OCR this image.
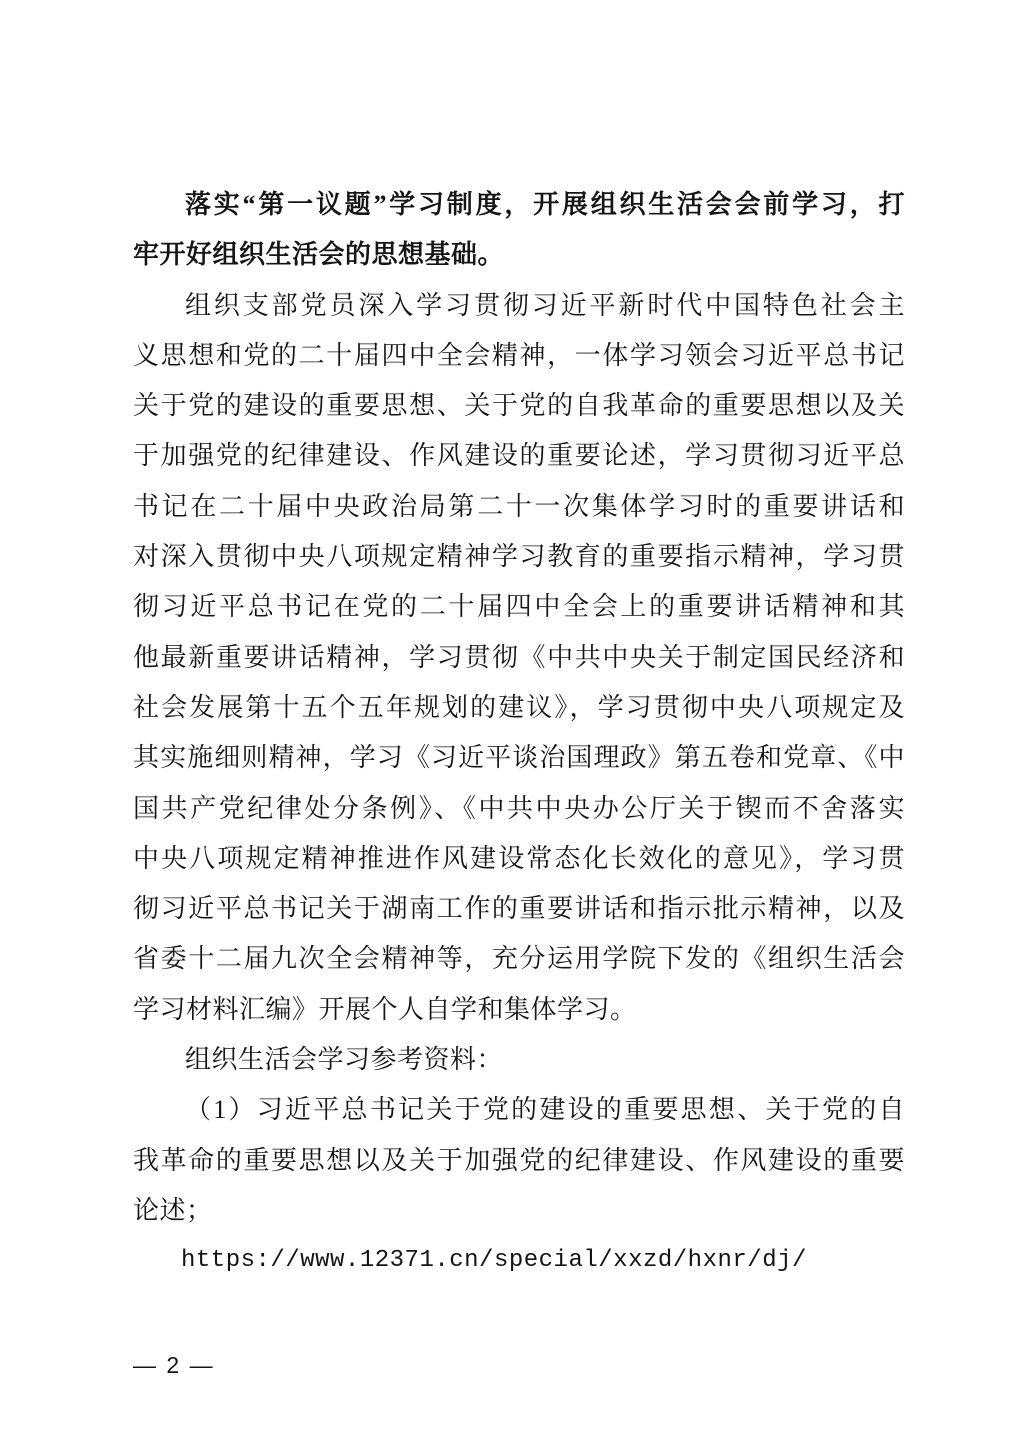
落实“第一议题”学习制度，开展组织生活会会前学习，打
牢开好组织生活会的思想基础。
组织支部党员深入学习贯彻习近平新时代中国特色社会主
义思想和党的二十届四中全会精神，一体学习领会习近平总书记
关于党的建设的重要思想、关于党的自我革命的重要思想以及关
于加强党的纪律建设、作风建设的重要论述，学习贯彻习近平总
书记在二十届中央政治局第二十一次集体学习时的重要讲话和
对深入贯彻中央八项规定精神学习教育的重要指示精神，学习贯
彻习近平总书记在党的二十届四中全会上的重要讲话精神和其
他最新重要讲话精神，学习贯彻《中共中央关于制定国民经济和
社会发展第十五个五年规划的建议》，学习贯彻中央八项规定及
其实施细则精神，学习《习近平谈治国理政》第五卷和党章、《中
国共产党纪律处分条例》、《中共中央办公厅关于锲而不舍落实
中央八项规定精神推进作风建设常态化长效化的意见》，学习贯
彻习近平总书记关于湖南工作的重要讲话和指示批示精神，以及
省委十二届九次全会精神等，充分运用学院下发的《组织生活会
学习材料汇编》开展个人自学和集体学习。
组织生活会学习参考资料：
（1）习近平总书记关于党的建设的重要思想、关于党的自
我革命的重要思想以及关于加强党的纪律建设、作风建设的重要
论述；
https://www.12371.cn/special/xxzd/hxnr/dj/
— 2 —
